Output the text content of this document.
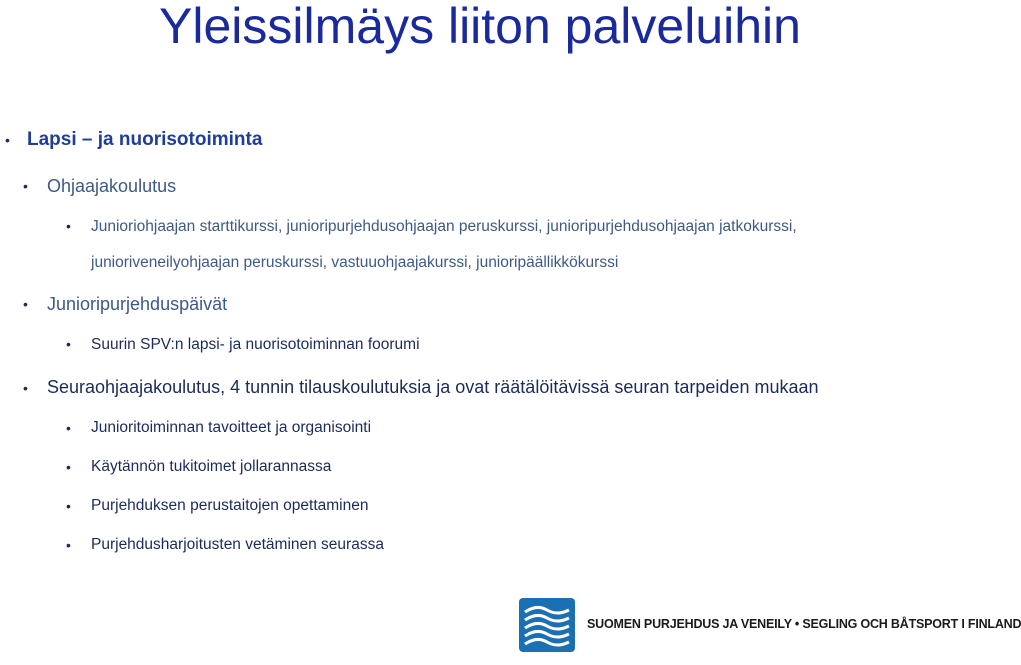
Yleissilmäys liiton palveluihin
• Lapsi – ja nuorisotoiminta
• Ohjaajakoulutus
• Junioriohjaajan starttikurssi, junioripurjehdusohjaajan peruskurssi, junioripurjehdusohjaajan jatkokurssi,
junioriveneilyohjaajan peruskurssi, vastuuohjaajakurssi, junioripäällikkökurssi
• Junioripurjehduspäivät
• Suurin SPV:n lapsi- ja nuorisotoiminnan foorumi
• Seuraohjaajakoulutus, 4 tunnin tilauskoulutuksia ja ovat räätälöitävissä seuran tarpeiden mukaan
• Junioritoiminnan tavoitteet ja organisointi
• Käytännön tukitoimet jollarannassa
• Purjehduksen perustaitojen opettaminen
• Purjehdusharjoitusten vetäminen seurassa
SUOMEN PURJEHDUS JA VENEILY • SEGLING OCH BÅTSPORT I FINLAND
